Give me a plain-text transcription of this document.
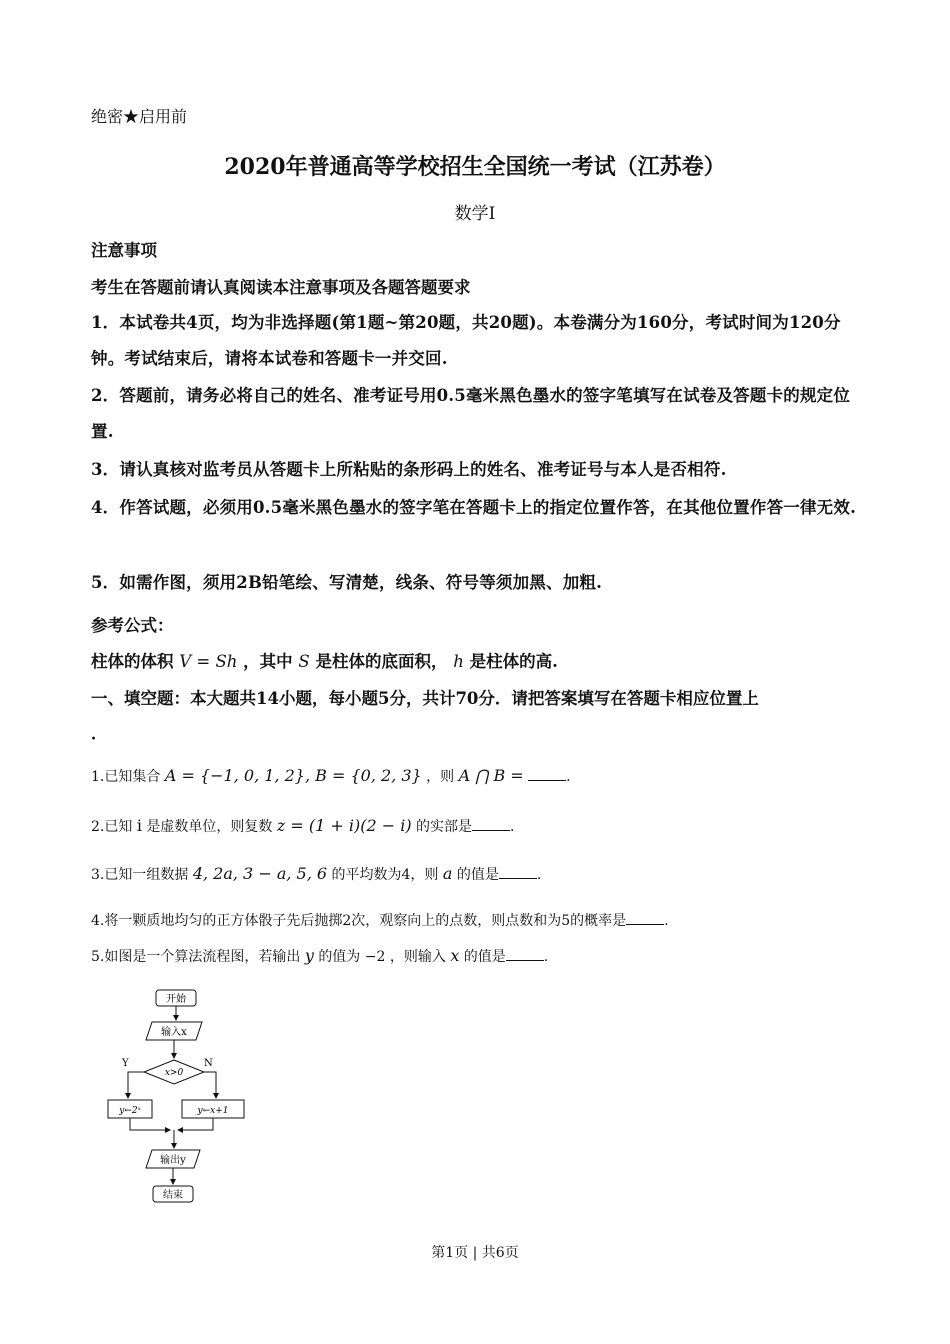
绝密★启用前
2020年普通高等学校招生全国统一考试（江苏卷）
数学Ⅰ
注意事项
考生在答题前请认真阅读本注意事项及各题答题要求
1．本试卷共4页，均为非选择题(第1题~第20题，共20题)。本卷满分为160分，考试时间为120分钟。考试结束后，请将本试卷和答题卡一并交回.
2．答题前，请务必将自己的姓名、准考证号用0.5毫米黑色墨水的签字笔填写在试卷及答题卡的规定位置.
3．请认真核对监考员从答题卡上所粘贴的条形码上的姓名、准考证号与本人是否相符.
4．作答试题，必须用0.5毫米黑色墨水的签字笔在答题卡上的指定位置作答，在其他位置作答一律无效.
5．如需作图，须用2B铅笔绘、写清楚，线条、符号等须加黑、加粗.
参考公式：
柱体的体积 V = Sh ，其中 S 是柱体的底面积， h 是柱体的高.
一、填空题：本大题共14小题，每小题5分，共计70分．请把答案填写在答题卡相应位置上
．
1.已知集合 A = {−1, 0, 1, 2}, B = {0, 2, 3} ，则 A ⋂ B =	.
2.已知 i 是虚数单位，则复数 z = (1 + i)(2 − i) 的实部是	.
3.已知一组数据 4, 2a, 3 − a, 5, 6 的平均数为4，则 a 的值是	.
4.将一颗质地均匀的正方体骰子先后抛掷2次，观察向上的点数，则点数和为5的概率是	.
5.如图是一个算法流程图，若输出 y 的值为 −2 ，则输入 x 的值是	.
开始
输入x
x>0
Y	N
y←2ˣ	y←x+1
输出y
结束
第1页 | 共6页
